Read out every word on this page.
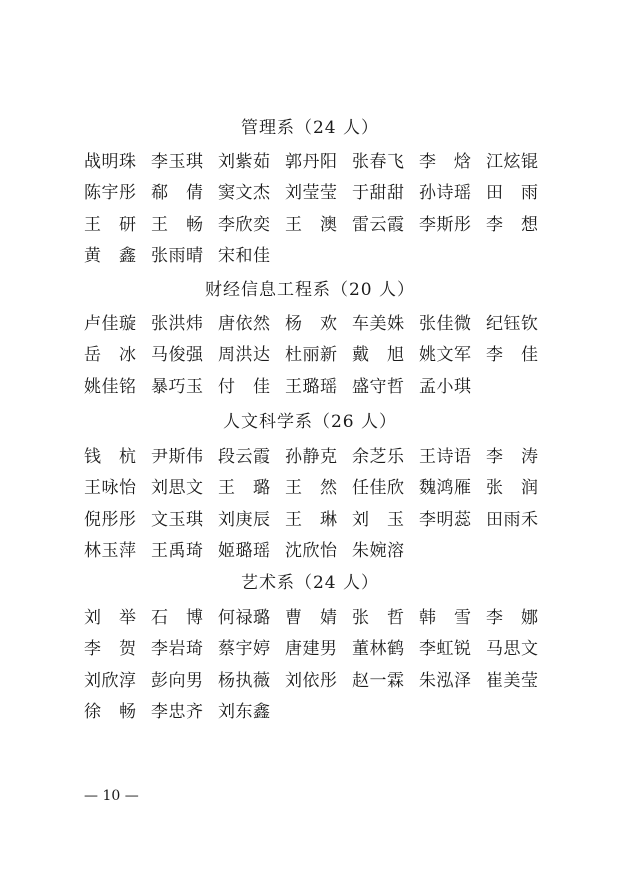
管理系（24 人）
战明珠 李玉琪 刘紫茹 郭丹阳 张春飞 李　焓 江炫锟
陈宇彤 郗　倩 窦文杰 刘莹莹 于甜甜 孙诗瑶 田　雨
王　研 王　畅 李欣奕 王　澳 雷云霞 李斯彤 李　想
黄　鑫 张雨晴 宋和佳
财经信息工程系（20 人）
卢佳璇 张洪炜 唐依然 杨　欢 车美姝 张佳微 纪钰钦
岳　冰 马俊强 周洪达 杜丽新 戴　旭 姚文军 李　佳
姚佳铭 暴巧玉 付　佳 王璐瑶 盛守哲 孟小琪
人文科学系（26 人）
钱　杭 尹斯伟 段云霞 孙静克 余芝乐 王诗语 李　涛
王咏怡 刘思文 王　璐 王　然 任佳欣 魏鸿雁 张　润
倪彤彤 文玉琪 刘庚辰 王　琳 刘　玉 李明蕊 田雨禾
林玉萍 王禹琦 姬璐瑶 沈欣怡 朱婉溶
艺术系（24 人）
刘　举 石　博 何禄璐 曹　婧 张　哲 韩　雪 李　娜
李　贺 李岩琦 蔡宇婷 唐建男 董林鹤 李虹锐 马思文
刘欣淳 彭向男 杨执薇 刘依彤 赵一霖 朱泓泽 崔美莹
徐　畅 李忠齐 刘东鑫
— 10 —
